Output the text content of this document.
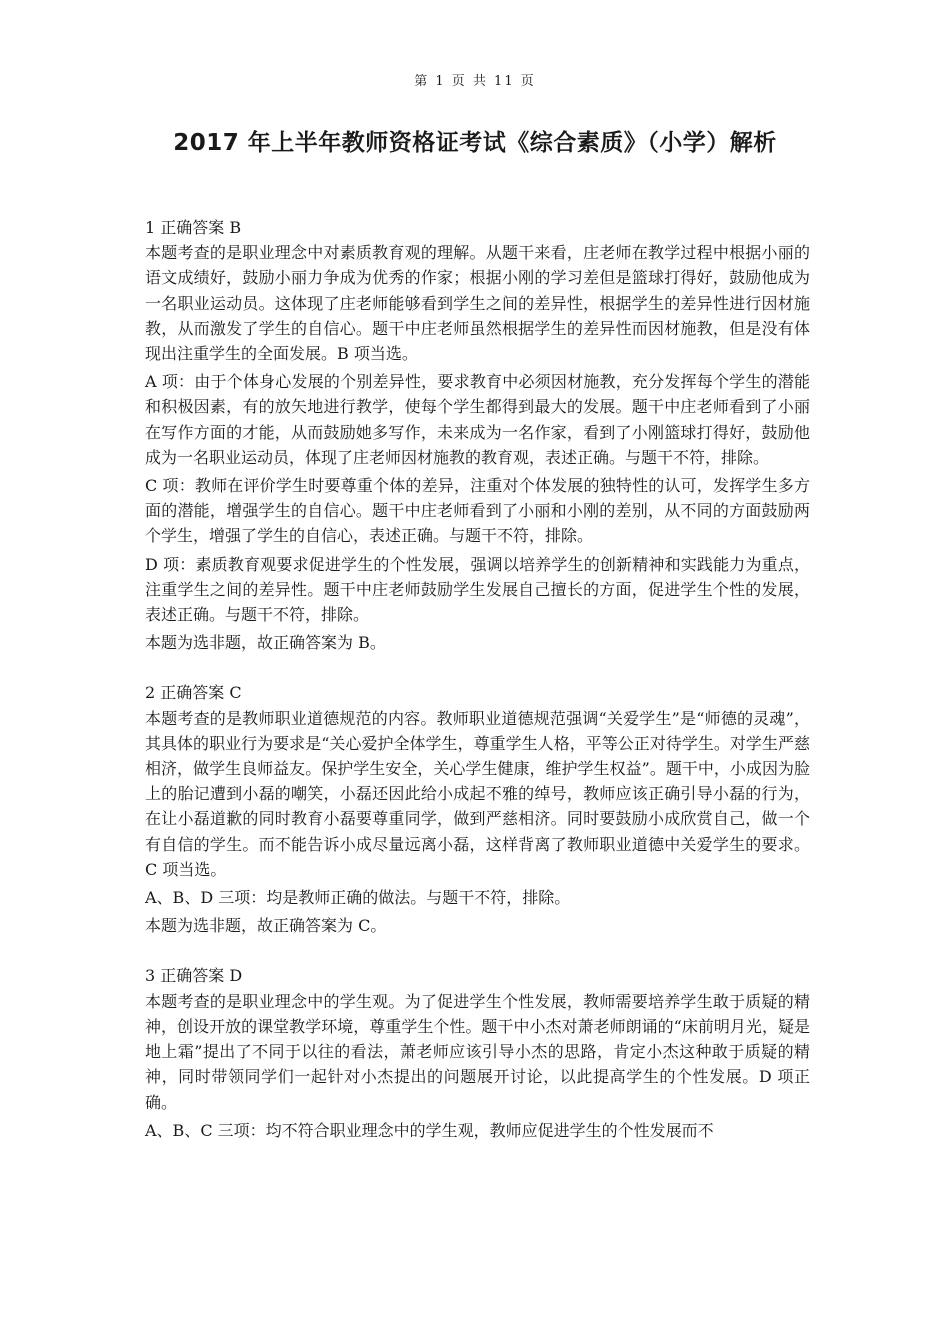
第 1 页 共 11 页
2017 年上半年教师资格证考试《综合素质》（小学）解析

1 正确答案 B

本题考查的是职业理念中对素质教育观的理解。从题干来看，庄老师在教学过程中根据小丽的语文成绩好，鼓励小丽力争成为优秀的作家；根据小刚的学习差但是篮球打得好，鼓励他成为一名职业运动员。这体现了庄老师能够看到学生之间的差异性，根据学生的差异性进行因材施教，从而激发了学生的自信心。题干中庄老师虽然根据学生的差异性而因材施教，但是没有体现出注重学生的全面发展。B 项当选。

A 项：由于个体身心发展的个别差异性，要求教育中必须因材施教，充分发挥每个学生的潜能和积极因素，有的放矢地进行教学，使每个学生都得到最大的发展。题干中庄老师看到了小丽在写作方面的才能，从而鼓励她多写作，未来成为一名作家，看到了小刚篮球打得好，鼓励他成为一名职业运动员，体现了庄老师因材施教的教育观，表述正确。与题干不符，排除。

C 项：教师在评价学生时要尊重个体的差异，注重对个体发展的独特性的认可，发挥学生多方面的潜能，增强学生的自信心。题干中庄老师看到了小丽和小刚的差别，从不同的方面鼓励两个学生，增强了学生的自信心，表述正确。与题干不符，排除。

D 项：素质教育观要求促进学生的个性发展，强调以培养学生的创新精神和实践能力为重点，注重学生之间的差异性。题干中庄老师鼓励学生发展自己擅长的方面，促进学生个性的发展，表述正确。与题干不符，排除。

本题为选非题，故正确答案为 B。

2 正确答案 C

本题考查的是教师职业道德规范的内容。教师职业道德规范强调“关爱学生”是“师德的灵魂”，其具体的职业行为要求是“关心爱护全体学生，尊重学生人格，平等公正对待学生。对学生严慈相济，做学生良师益友。保护学生安全，关心学生健康，维护学生权益”。题干中，小成因为脸上的胎记遭到小磊的嘲笑，小磊还因此给小成起不雅的绰号，教师应该正确引导小磊的行为，在让小磊道歉的同时教育小磊要尊重同学，做到严慈相济。同时要鼓励小成欣赏自己，做一个有自信的学生。而不能告诉小成尽量远离小磊，这样背离了教师职业道德中关爱学生的要求。C 项当选。

A、B、D 三项：均是教师正确的做法。与题干不符，排除。

本题为选非题，故正确答案为 C。

3 正确答案 D

本题考查的是职业理念中的学生观。为了促进学生个性发展，教师需要培养学生敢于质疑的精神，创设开放的课堂教学环境，尊重学生个性。题干中小杰对萧老师朗诵的“床前明月光，疑是地上霜”提出了不同于以往的看法，萧老师应该引导小杰的思路，肯定小杰这种敢于质疑的精神，同时带领同学们一起针对小杰提出的问题展开讨论，以此提高学生的个性发展。D 项正确。

A、B、C 三项：均不符合职业理念中的学生观，教师应促进学生的个性发展而不
